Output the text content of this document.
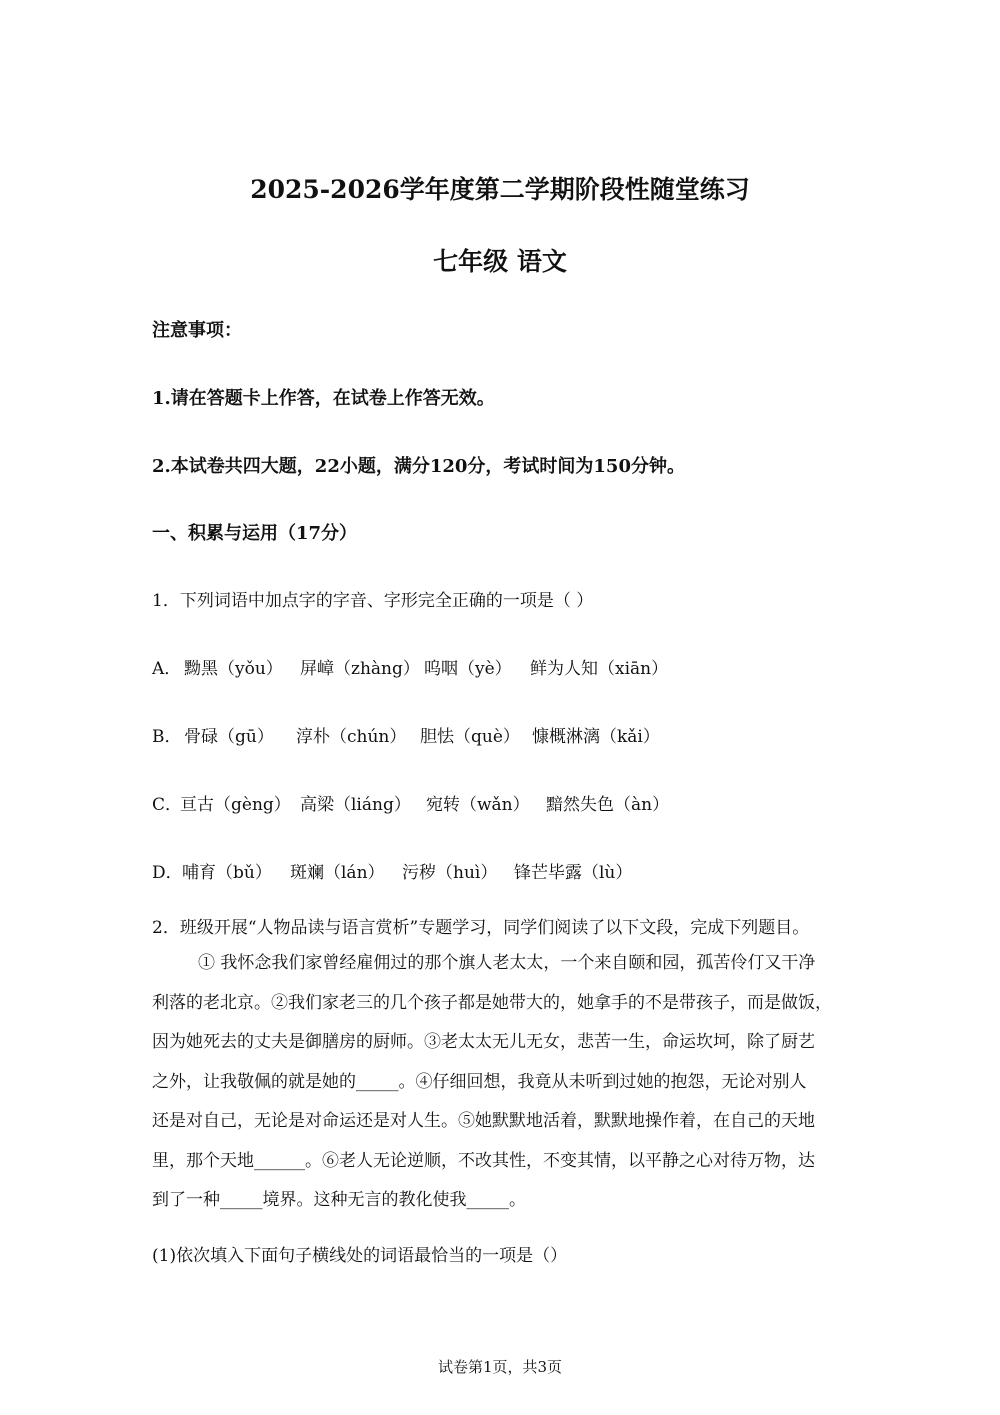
2025-2026学年度第二学期阶段性随堂练习
七年级 语文
注意事项：
1.请在答题卡上作答，在试卷上作答无效。
2.本试卷共四大题，22小题，满分120分，考试时间为150分钟。
一、积累与运用（17分）
1．下列词语中加点字的字音、字形完全正确的一项是（ ）
A． 黝黑（yǒu） 屏嶂（zhàng） 呜咽（yè） 鲜为人知（xiān）
B． 骨碌（gū） 淳朴（chún） 胆怯（què） 慷概淋漓（kǎi）
C．亘古（gèng） 高梁（liáng） 宛转（wǎn） 黯然失色（àn）
D．哺育（bǔ） 斑斓（lán） 污秽（huì） 锋芒毕露（lù）
2．班级开展“人物品读与语言赏析”专题学习，同学们阅读了以下文段，完成下列题目。
① 我怀念我们家曾经雇佣过的那个旗人老太太，一个来自颐和园，孤苦伶仃又干净
利落的老北京。②我们家老三的几个孩子都是她带大的，她拿手的不是带孩子，而是做饭，
因为她死去的丈夫是御膳房的厨师。③老太太无儿无女，悲苦一生，命运坎坷，除了厨艺
之外，让我敬佩的就是她的_____。④仔细回想，我竟从未听到过她的抱怨，无论对别人
还是对自己，无论是对命运还是对人生。⑤她默默地活着，默默地操作着，在自己的天地
里，那个天地______。⑥老人无论逆顺，不改其性，不变其情，以平静之心对待万物，达
到了一种_____境界。这种无言的教化使我_____。
(1)依次填入下面句子横线处的词语最恰当的一项是（）
试卷第1页，共3页
